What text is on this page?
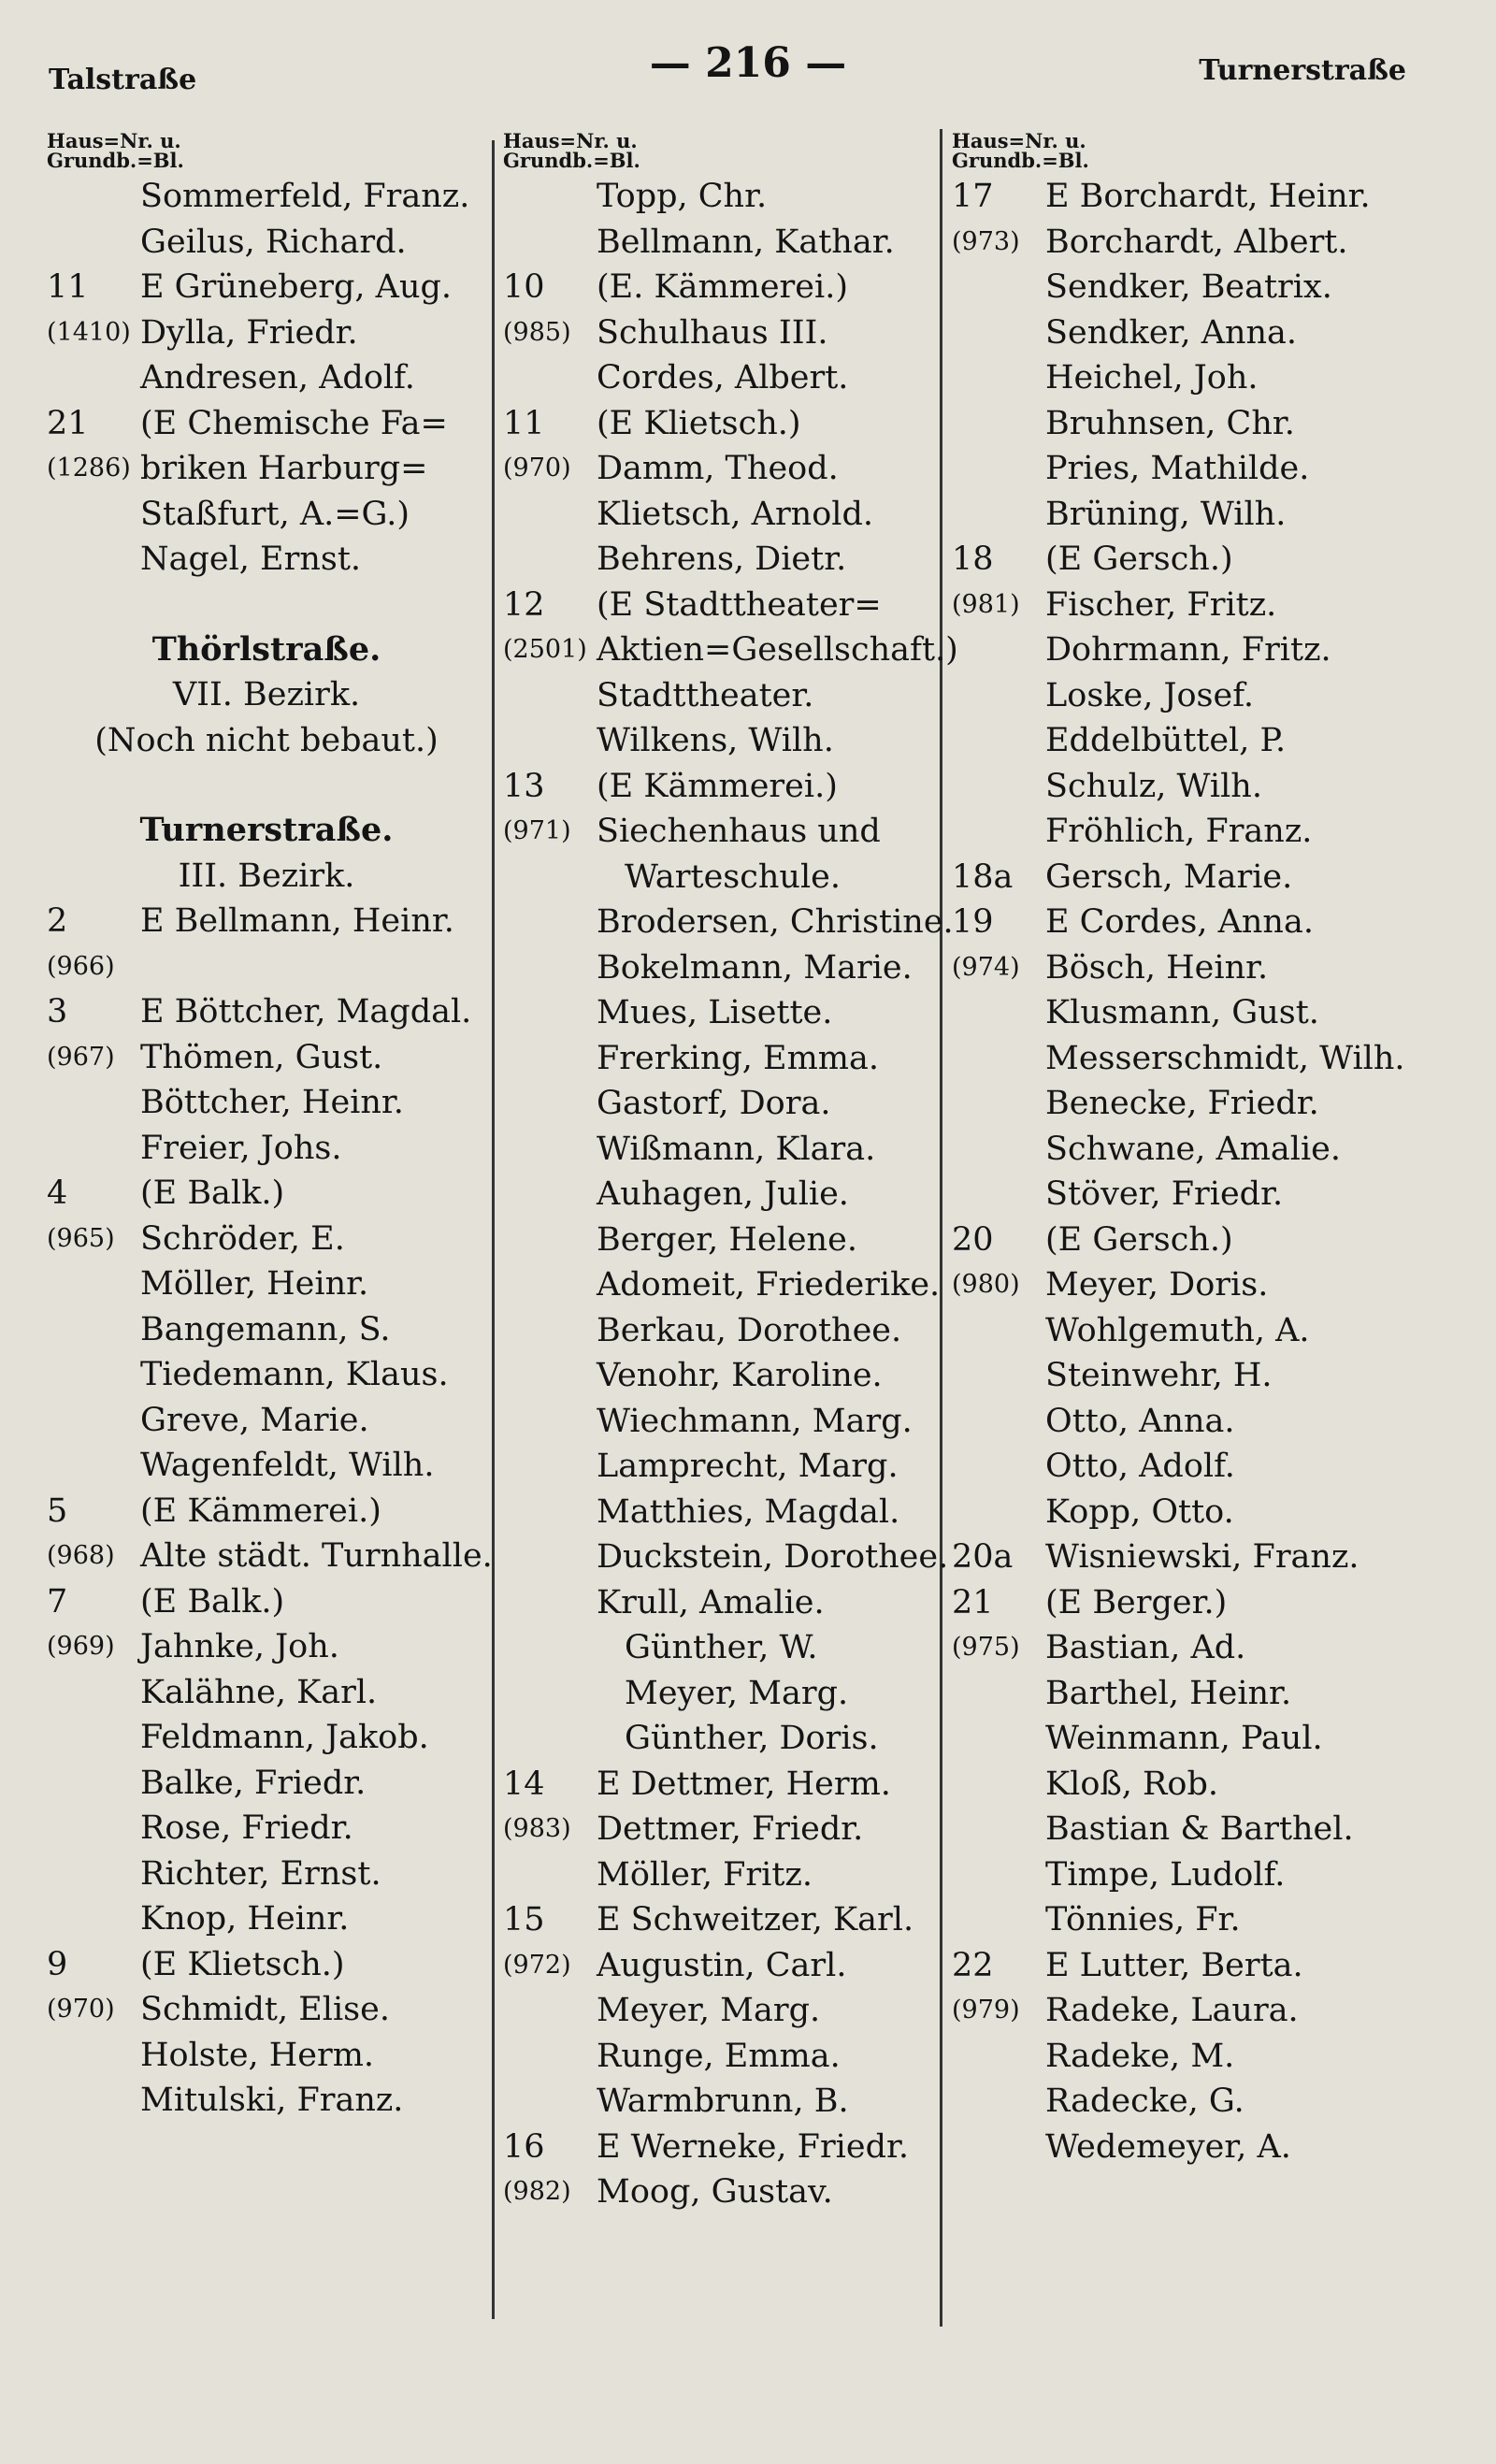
Talstraße	— 216 —	Turnerstraße
Haus=Nr. u.
Grundb.=Bl.
Sommerfeld, Franz.
Geilus, Richard.
11 E Grüneberg, Aug.
(1410) Dylla, Friedr.
Andresen, Adolf.
21 (E Chemische Fa=
(1286) briken Harburg=
Staßfurt, A.=G.)
Nagel, Ernst.
Thörlstraße.
VII. Bezirk.
(Noch nicht bebaut.)
Turnerstraße.
III. Bezirk.
2 E Bellmann, Heinr.
(966)
3 E Böttcher, Magdal.
(967) Thömen, Gust.
Böttcher, Heinr.
Freier, Johs.
4 (E Balk.)
(965) Schröder, E.
Möller, Heinr.
Bangemann, S.
Tiedemann, Klaus.
Greve, Marie.
Wagenfeldt, Wilh.
5 (E Kämmerei.)
(968) Alte städt. Turnhalle.
7 (E Balk.)
(969) Jahnke, Joh.
Kalähne, Karl.
Feldmann, Jakob.
Balke, Friedr.
Rose, Friedr.
Richter, Ernst.
Knop, Heinr.
9 (E Klietsch.)
(970) Schmidt, Elise.
Holste, Herm.
Mitulski, Franz.
Haus=Nr. u.
Grundb.=Bl.
Topp, Chr.
Bellmann, Kathar.
10 (E. Kämmerei.)
(985) Schulhaus III.
Cordes, Albert.
11 (E Klietsch.)
(970) Damm, Theod.
Klietsch, Arnold.
Behrens, Dietr.
12 (E Stadttheater=
(2501) Aktien=Gesellschaft.)
Stadttheater.
Wilkens, Wilh.
13 (E Kämmerei.)
(971) Siechenhaus und
Warteschule.
Brodersen, Christine.
Bokelmann, Marie.
Mues, Lisette.
Frerking, Emma.
Gastorf, Dora.
Wißmann, Klara.
Auhagen, Julie.
Berger, Helene.
Adomeit, Friederike.
Berkau, Dorothee.
Venohr, Karoline.
Wiechmann, Marg.
Lamprecht, Marg.
Matthies, Magdal.
Duckstein, Dorothee.
Krull, Amalie.
Günther, W.
Meyer, Marg.
Günther, Doris.
14 E Dettmer, Herm.
(983) Dettmer, Friedr.
Möller, Fritz.
15 E Schweitzer, Karl.
(972) Augustin, Carl.
Meyer, Marg.
Runge, Emma.
Warmbrunn, B.
16 E Werneke, Friedr.
(982) Moog, Gustav.
Haus=Nr. u.
Grundb.=Bl.
17 E Borchardt, Heinr.
(973) Borchardt, Albert.
Sendker, Beatrix.
Sendker, Anna.
Heichel, Joh.
Bruhnsen, Chr.
Pries, Mathilde.
Brüning, Wilh.
18 (E Gersch.)
(981) Fischer, Fritz.
Dohrmann, Fritz.
Loske, Josef.
Eddelbüttel, P.
Schulz, Wilh.
Fröhlich, Franz.
18a Gersch, Marie.
19 E Cordes, Anna.
(974) Bösch, Heinr.
Klusmann, Gust.
Messerschmidt, Wilh.
Benecke, Friedr.
Schwane, Amalie.
Stöver, Friedr.
20 (E Gersch.)
(980) Meyer, Doris.
Wohlgemuth, A.
Steinwehr, H.
Otto, Anna.
Otto, Adolf.
Kopp, Otto.
20a Wisniewski, Franz.
21 (E Berger.)
(975) Bastian, Ad.
Barthel, Heinr.
Weinmann, Paul.
Kloß, Rob.
Bastian & Barthel.
Timpe, Ludolf.
Tönnies, Fr.
22 E Lutter, Berta.
(979) Radeke, Laura.
Radeke, M.
Radecke, G.
Wedemeyer, A.
